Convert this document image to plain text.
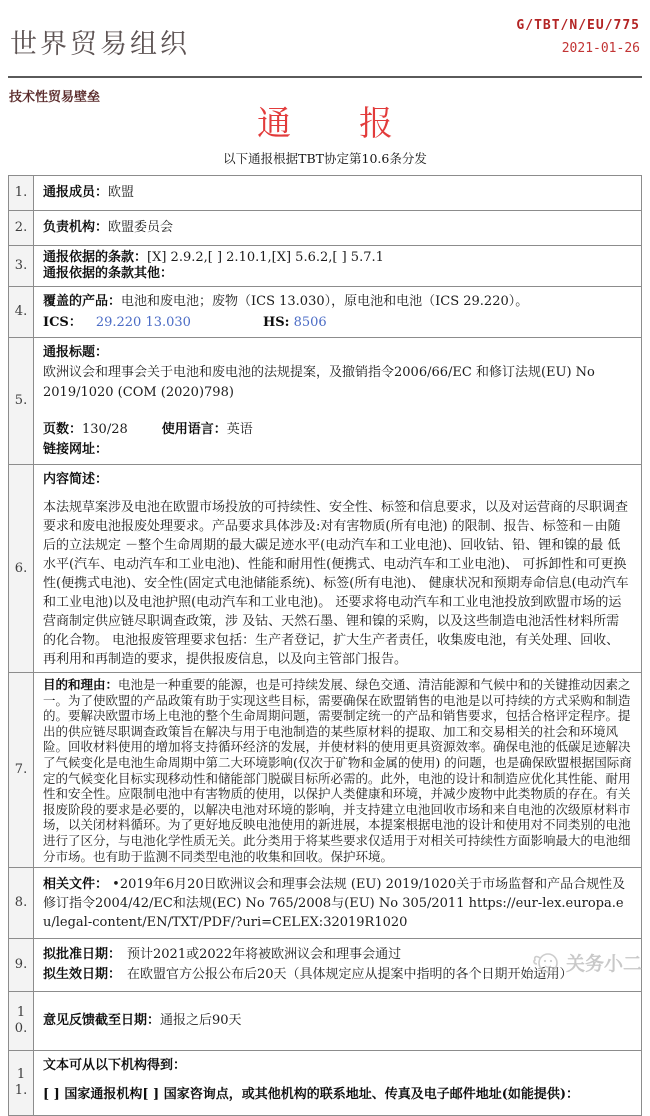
世界贸易组织
G/TBT/N/EU/775
2021-01-26
技术性贸易壁垒
通　　报
以下通报根据TBT协定第10.6条分发
1.	通报成员：欧盟
2.	负责机构：欧盟委员会
3.	通报依据的条款：[X] 2.9.2,[ ] 2.10.1,[X] 5.6.2,[ ] 5.7.1
通报依据的条款其他：

4.	覆盖的产品：电池和废电池；废物（ICS 13.030），原电池和电池（ICS 29.220）。
ICS： 29.220 13.030 HS: 8506

5.	通报标题：
欧洲议会和理事会关于电池和废电池的法规提案，及撤销指令2006/66/EC 和修订法规(EU) No 2019/1020 (COM (2020)798)
页数：130/28 使用语言：英语
链接网址：

6.	内容简述：
本法规草案涉及电池在欧盟市场投放的可持续性、安全性、标签和信息要求，以及对运营商的尽职调查要求和废电池报废处理要求。产品要求具体涉及:对有害物质(所有电池) 的限制、报告、标签和－由随后的立法规定 －整个生命周期的最大碳足迹水平(电动汽车和工业电池)、回收钴、铅、锂和镍的最 低水平(汽车、电动汽车和工业电池)、性能和耐用性(便携式、电动汽车和工业电池)、 可拆卸性和可更换性(便携式电池)、安全性(固定式电池储能系统)、标签(所有电池)、 健康状况和预期寿命信息(电动汽车和工业电池)以及电池护照(电动汽车和工业电池)。 还要求将电动汽车和工业电池投放到欧盟市场的运营商制定供应链尽职调查政策，涉 及钴、天然石墨、锂和镍的采购，以及这些制造电池活性材料所需的化合物。 电池报废管理要求包括：生产者登记，扩大生产者责任，收集废电池，有关处理、回收、 再利用和再制造的要求，提供报废信息，以及向主管部门报告。

7.	目的和理由：电池是一种重要的能源，也是可持续发展、绿色交通、清洁能源和气候中和的关键推动因素之一。为了使欧盟的产品政策有助于实现这些目标，需要确保在欧盟销售的电池是以可持续的方式采购和制造的。要解决欧盟市场上电池的整个生命周期问题，需要制定统一的产品和销售要求，包括合格评定程序。提出的供应链尽职调查政策旨在解决与用于电池制造的某些原材料的提取、加工和交易相关的社会和环境风险。回收材料使用的增加将支持循环经济的发展，并使材料的使用更具资源效率。确保电池的低碳足迹解决了气候变化是电池生命周期中第二大环境影响(仅次于矿物和金属的使用) 的问题，也是确保欧盟根据国际商定的气候变化目标实现移动性和储能部门脱碳目标所必需的。此外，电池的设计和制造应优化其性能、耐用性和安全性。应限制电池中有害物质的使用，以保护人类健康和环境，并减少废物中此类物质的存在。有关报废阶段的要求是必要的，以解决电池对环境的影响，并支持建立电池回收市场和来自电池的次级原材料市场，以关闭材料循环。为了更好地反映电池使用的新进展，本提案根据电池的设计和使用对不同类别的电池进行了区分，与电池化学性质无关。此分类用于将某些要求仅适用于对相关可持续性方面影响最大的电池细分市场。也有助于监测不同类型电池的收集和回收。保护环境。
8.	相关文件： •2019年6月20日欧洲议会和理事会法规 (EU) 2019/1020关于市场监督和产品合规性及修订指令2004/42/EC和法规(EC) No 765/2008与(EU) No 305/2011 https://eur-lex.europa.eu/legal-content/EN/TXT/PDF/?uri=CELEX:32019R1020
9.	拟批准日期： 预计2021或2022年将被欧洲议会和理事会通过
拟生效日期： 在欧盟官方公报公布后20天（具体规定应从提案中指明的各个日期开始适用）

10.	意见反馈截至日期：通报之后90天
11.	文本可从以下机构得到：
[ ] 国家通报机构[ ] 国家咨询点，或其他机构的联系地址、传真及电子邮件地址(如能提供)：
关务小二
